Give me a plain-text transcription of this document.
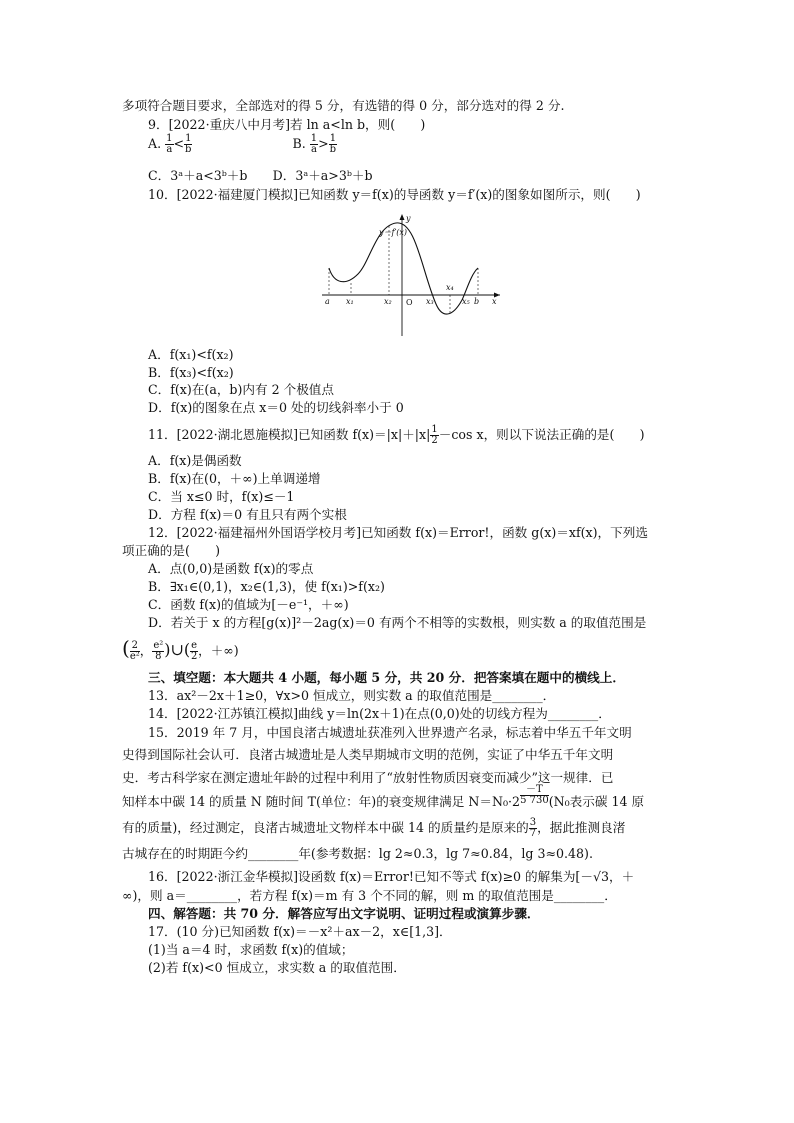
多项符合题目要求，全部选对的得 5 分，有选错的得 0 分，部分选对的得 2 分.
9．[2022·重庆八中月考]若 ln a<ln b，则(　　)
A. $\frac{1}{a} < \frac{1}{b}$	B. $\frac{1}{a} > \frac{1}{b}$
C．3ᵃ＋a<3ᵇ＋b　　D．3ᵃ＋a>3ᵇ＋b
10．[2022·福建厦门模拟]已知函数 y＝f(x)的导函数 y＝f′(x)的图象如图所示，则(　　)
y
y＝f′(x)
a x₁	x₂ O x₃
x₄
x₅ b x
A．f(x₁)<f(x₂)
B．f(x₃)<f(x₂)
C．f(x)在(a，b)内有 2 个极值点
D．f(x)的图象在点 x＝0 处的切线斜率小于 0
11．[2022·湖北恩施模拟]已知函数 $f(x)=|x|+|x| \frac{1}{2} -\cos$ x，则以下说法正确的是(　　)
A．f(x)是偶函数
B．f(x)在(0，＋∞)上单调递增
C．当 x≤0 时，f(x)≤－1
D．方程 f(x)＝0 有且只有两个实根
12．[2022·福建福州外国语学校月考]已知函数 f(x)＝Error!，函数 g(x)＝xf(x)，下列选
项正确的是(　　)
A．点(0,0)是函数 f(x)的零点
B．∃x₁∈(0,1)，x₂∈(1,3)，使 f(x₁)>f(x₂)
C．函数 f(x)的值域为[－e⁻¹，＋∞)
D．若关于 x 的方程[g(x)]²－2ag(x)＝0 有两个不相等的实数根，则实数 a 的取值范围是
( $\frac{2}{\text{e²}}$ ， $\frac{\text{e²}}{8}$ )∪( $\frac{e}{2}$ ，＋∞)
三、填空题：本大题共 4 小题，每小题 5 分，共 20 分．把答案填在题中的横线上．
13．ax²－2x＋1≥0，∀x>0 恒成立，则实数 a 的取值范围是________．
14．[2022·江苏镇江模拟]曲线 y＝ln(2x＋1)在点(0,0)处的切线方程为________．
15．2019 年 7 月，中国良渚古城遗址获准列入世界遗产名录，标志着中华五千年文明
史得到国际社会认可．良渚古城遗址是人类早期城市文明的范例，实证了中华五千年文明
史．考古科学家在测定遗址年龄的过程中利用了“放射性物质因衰变而减少”这一规律．已
知样本中碳 14 的质量 N 随时间 T(单位：年)的衰变规律满足 $N=N_0\cdot 2 \frac{-T}{5 730} (N_0$表示碳 14 原
有的质量)，经过测定，良渚古城遗址文物样本中碳 14 的质量约是原来的 $\frac{3}{7}$ ，据此推测良渚
古城存在的时期距今约________年(参考数据：lg 2≈0.3，lg 7≈0.84，lg 3≈0.48).
16．[2022·浙江金华模拟]设函数 f(x)＝Error!已知不等式 f(x)≥0 的解集为[－√3，＋
∞)，则 a＝________，若方程 f(x)＝m 有 3 个不同的解，则 m 的取值范围是________．
四、解答题：共 70 分．解答应写出文字说明、证明过程或演算步骤．
17．(10 分)已知函数 f(x)＝－x²＋ax－2，x∈[1,3]．
(1)当 a＝4 时，求函数 f(x)的值域；
(2)若 f(x)<0 恒成立，求实数 a 的取值范围．
